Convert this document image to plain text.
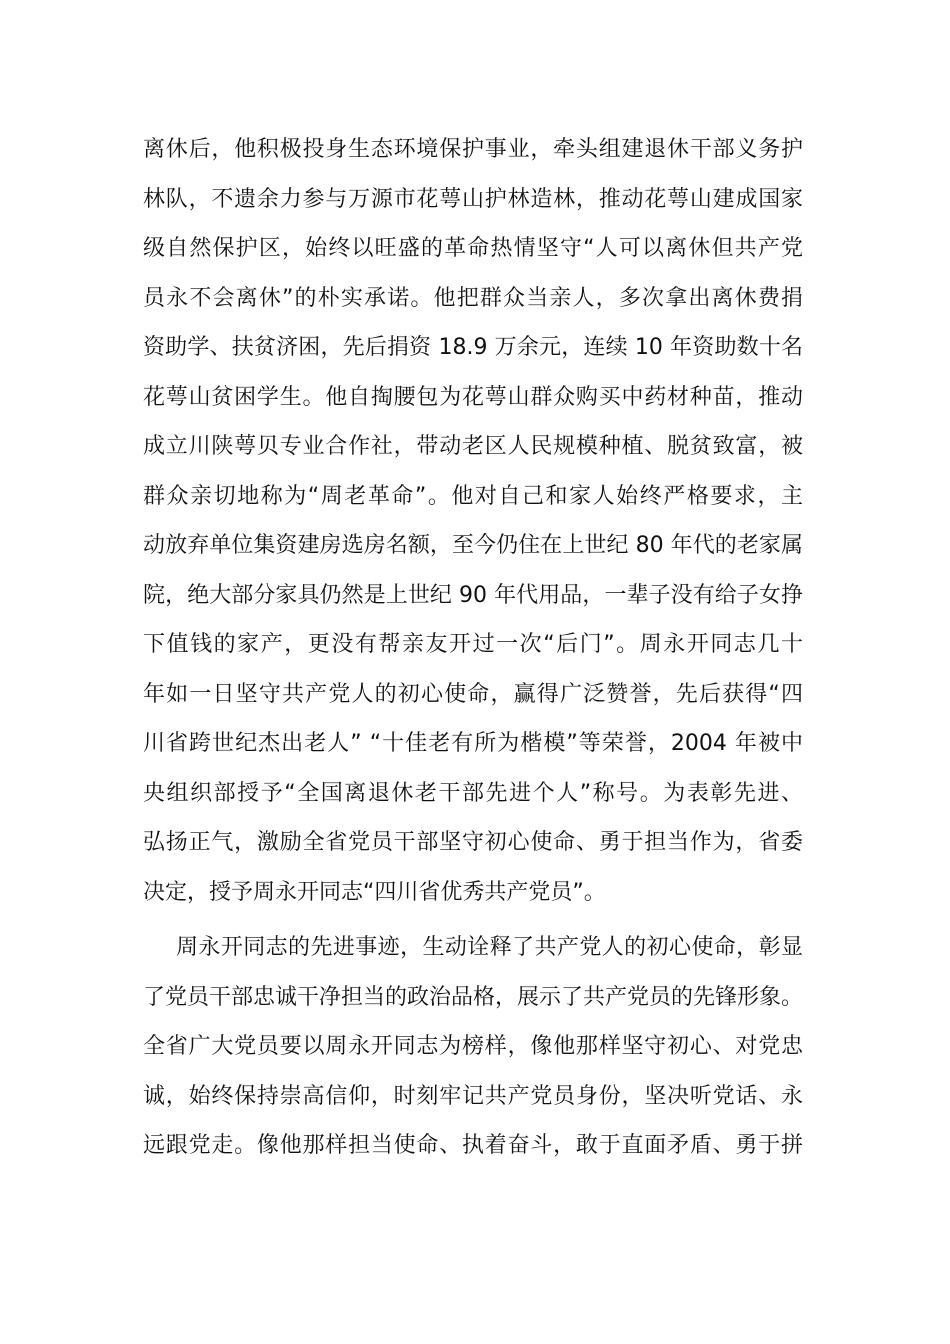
离休后，他积极投身生态环境保护事业，牵头组建退休干部义务护
林队，不遗余力参与万源市花萼山护林造林，推动花萼山建成国家
级自然保护区，始终以旺盛的革命热情坚守“人可以离休但共产党
员永不会离休”的朴实承诺。他把群众当亲人，多次拿出离休费捐
资助学、扶贫济困，先后捐资 18.9 万余元，连续 10 年资助数十名
花萼山贫困学生。他自掏腰包为花萼山群众购买中药材种苗，推动
成立川陕萼贝专业合作社，带动老区人民规模种植、脱贫致富，被
群众亲切地称为“周老革命”。他对自己和家人始终严格要求，主
动放弃单位集资建房选房名额，至今仍住在上世纪 80 年代的老家属
院，绝大部分家具仍然是上世纪 90 年代用品，一辈子没有给子女挣
下值钱的家产，更没有帮亲友开过一次“后门”。周永开同志几十
年如一日坚守共产党人的初心使命，赢得广泛赞誉，先后获得“四
川省跨世纪杰出老人” “十佳老有所为楷模”等荣誉，2004 年被中
央组织部授予“全国离退休老干部先进个人”称号。为表彰先进、
弘扬正气，激励全省党员干部坚守初心使命、勇于担当作为，省委
决定，授予周永开同志“四川省优秀共产党员”。
周永开同志的先进事迹，生动诠释了共产党人的初心使命，彰显
了党员干部忠诚干净担当的政治品格，展示了共产党员的先锋形象。
全省广大党员要以周永开同志为榜样，像他那样坚守初心、对党忠
诚，始终保持崇高信仰，时刻牢记共产党员身份，坚决听党话、永
远跟党走。像他那样担当使命、执着奋斗，敢于直面矛盾、勇于拼
